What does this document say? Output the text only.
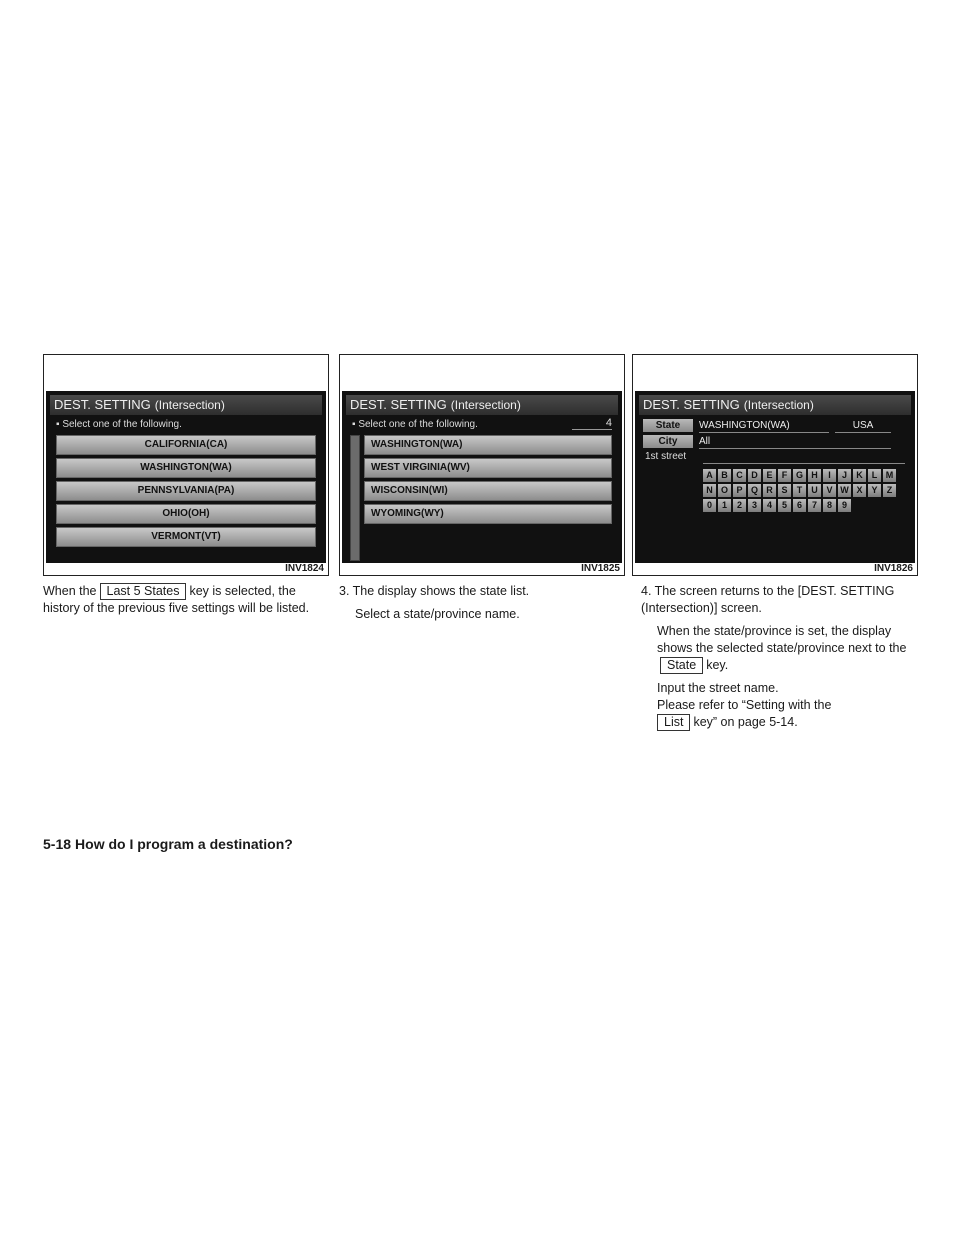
DEST. SETTING (Intersection)
▪ Select one of the following.
CALIFORNIA(CA)
WASHINGTON(WA)
PENNSYLVANIA(PA)
OHIO(OH)
VERMONT(VT)
INV1824
DEST. SETTING (Intersection)
▪ Select one of the following.	4
WASHINGTON(WA)
WEST VIRGINIA(WV)
WISCONSIN(WI)
WYOMING(WY)
INV1825
DEST. SETTING (Intersection)
State	WASHINGTON(WA)	USA
City	All
1st street
A B C D E	F G H	I	J	K	L M
N O P Q R S	T	U V W X Y	Z
0	1	2	3	4	5	6	7	8	9
INV1826

When the Last 5 States key is selected, the history of the previous five settings will be listed.

3. The display shows the state list.

Select a state/province name.

4. The screen returns to the [DEST. SETTING (Intersection)] screen.

When the state/province is set, the display shows the selected state/province next to theState key.

Input the street name.

Please refer to “Setting with the
List key” on page 5-14.

5-18 How do I program a destination?
